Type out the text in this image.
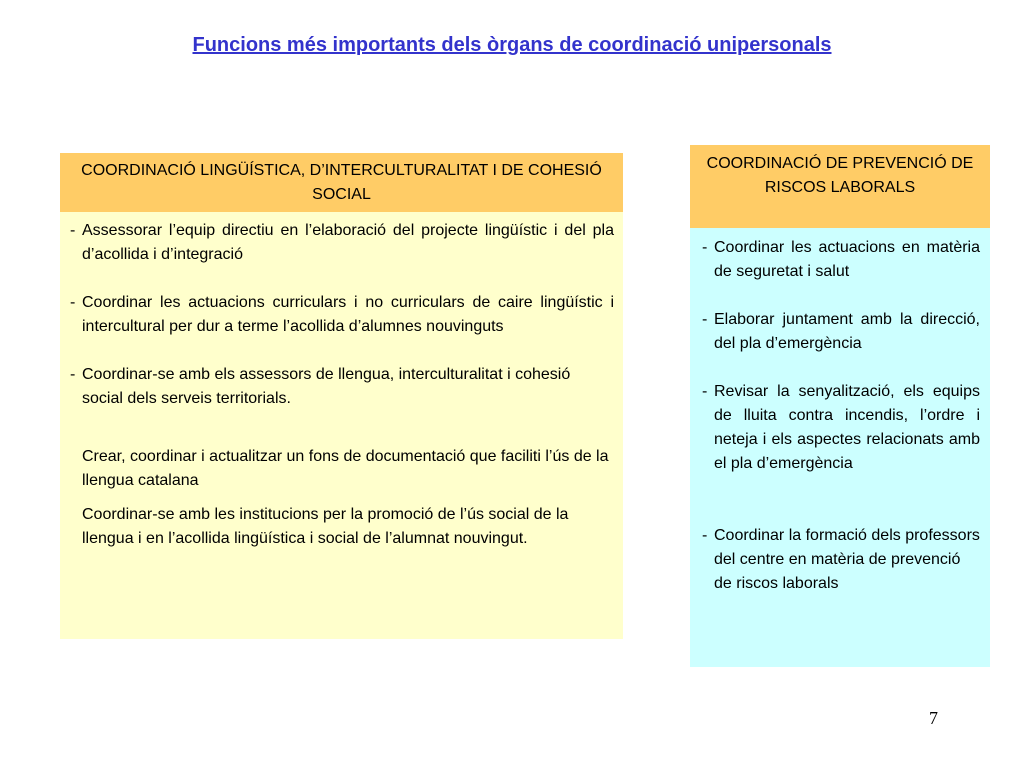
Funcions més importants dels òrgans de coordinació unipersonals
COORDINACIÓ LINGÜÍSTICA, D’INTERCULTURALITAT I DE COHESIÓ SOCIAL
- Assessorar l’equip directiu en l’elaboració del projecte lingüístic i del pla d’acollida i d’integració
- Coordinar les actuacions curriculars i no curriculars de caire lingüístic i intercultural per dur a terme l’acollida d’alumnes nouvinguts
- Coordinar-se amb els assessors de llengua, interculturalitat i cohesió social dels serveis territorials.
Crear, coordinar i actualitzar un fons de documentació que faciliti l’ús de la llengua catalana
Coordinar-se amb les institucions per la promoció de l’ús social de la llengua i en l’acollida lingüística i social de l’alumnat nouvingut.
COORDINACIÓ DE PREVENCIÓ DE RISCOS LABORALS
- Coordinar les actuacions en matèria de seguretat i salut
- Elaborar juntament amb la direcció, del pla d’emergència
- Revisar la senyalització, els equips de lluita contra incendis, l’ordre i neteja i els aspectes relacionats amb el pla d’emergència
- Coordinar la formació dels professors del centre en matèria de prevenció de riscos laborals
7
